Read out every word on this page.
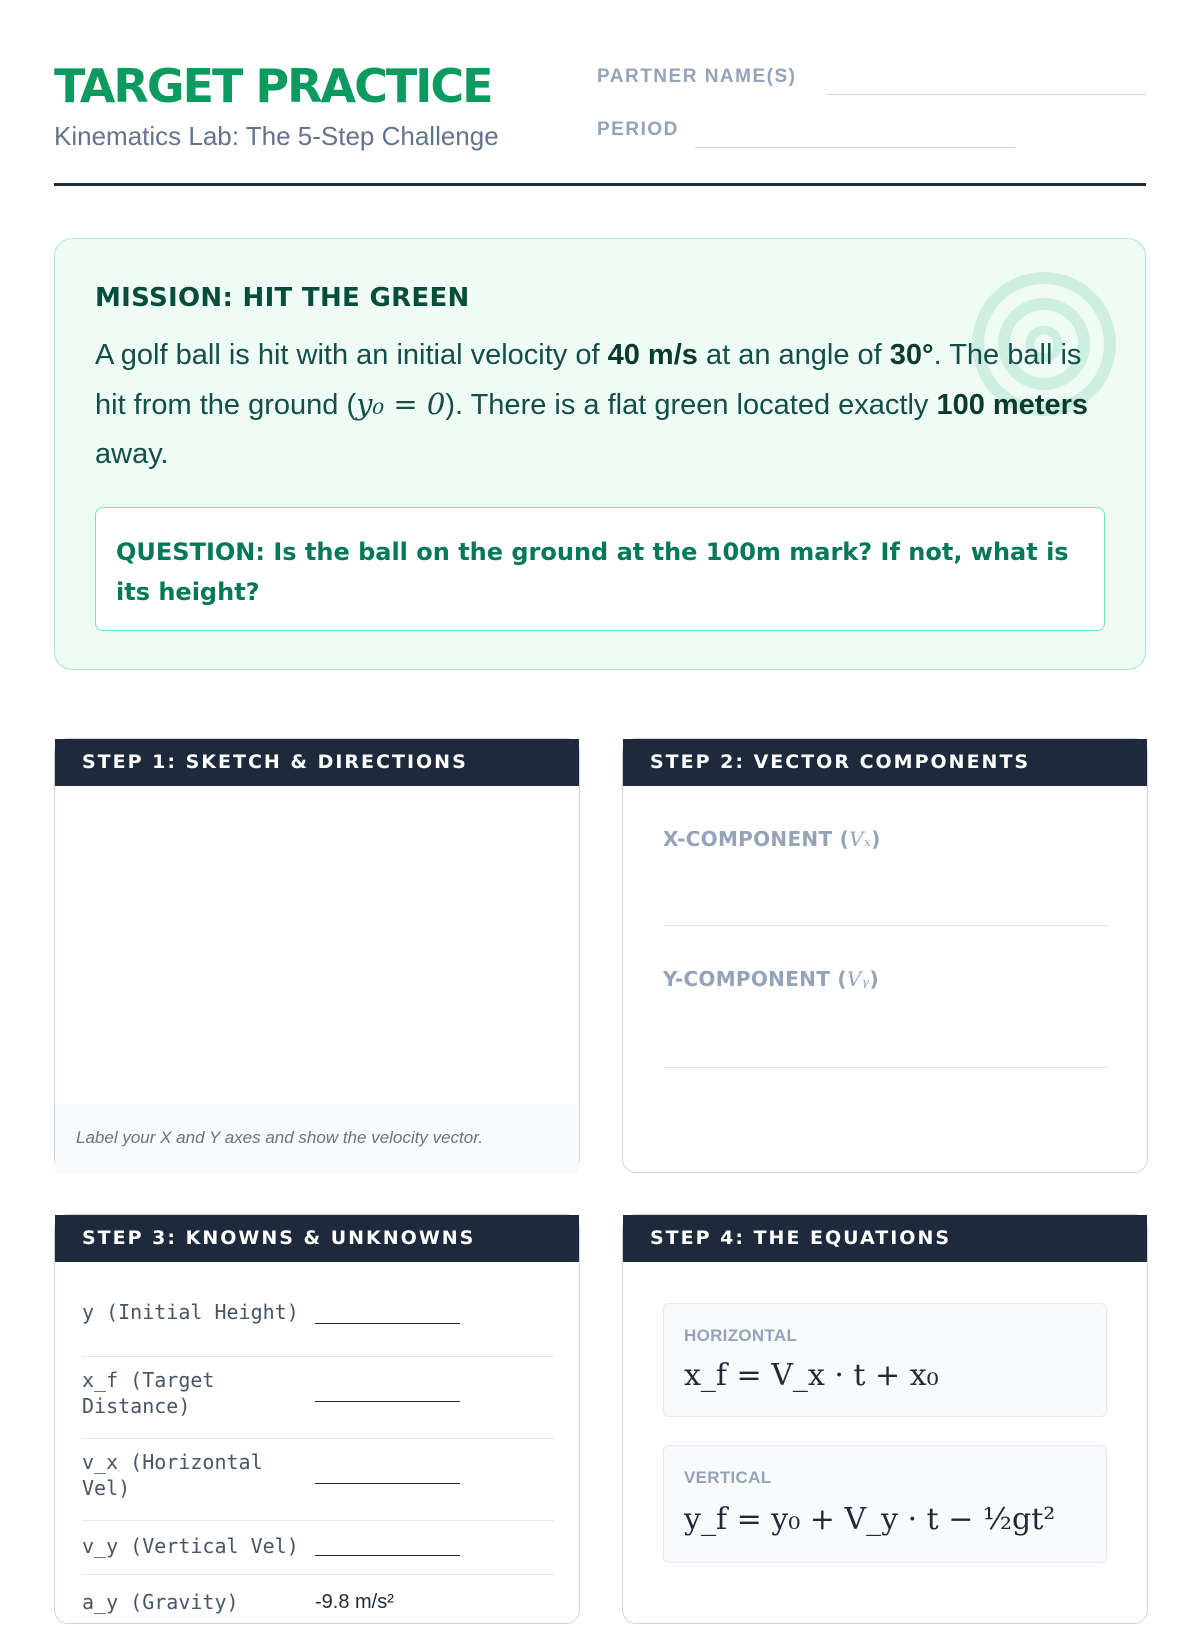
TARGET PRACTICE
Kinematics Lab: The 5-Step Challenge
PARTNER NAME(S)
PERIOD
MISSION: HIT THE GREEN
A golf ball is hit with an initial velocity of 40 m/s at an angle of 30°. The ball is hit from the ground (y₀ = 0). There is a flat green located exactly 100 meters away.
QUESTION: Is the ball on the ground at the 100m mark? If not, what is its height?
STEP 1: SKETCH & DIRECTIONS
Label your X and Y axes and show the velocity vector.
STEP 2: VECTOR COMPONENTS
X-COMPONENT (Vₓ)
Y-COMPONENT (Vᵧ)
STEP 3: KNOWNS & UNKNOWNS
y (Initial Height)
x_f (Target Distance)
v_x (Horizontal Vel)
v_y (Vertical Vel)
a_y (Gravity)	-9.8 m/s²
STEP 4: THE EQUATIONS
HORIZONTAL
x_f = V_x · t + x₀
VERTICAL
y_f = y₀ + V_y · t − ½gt²
